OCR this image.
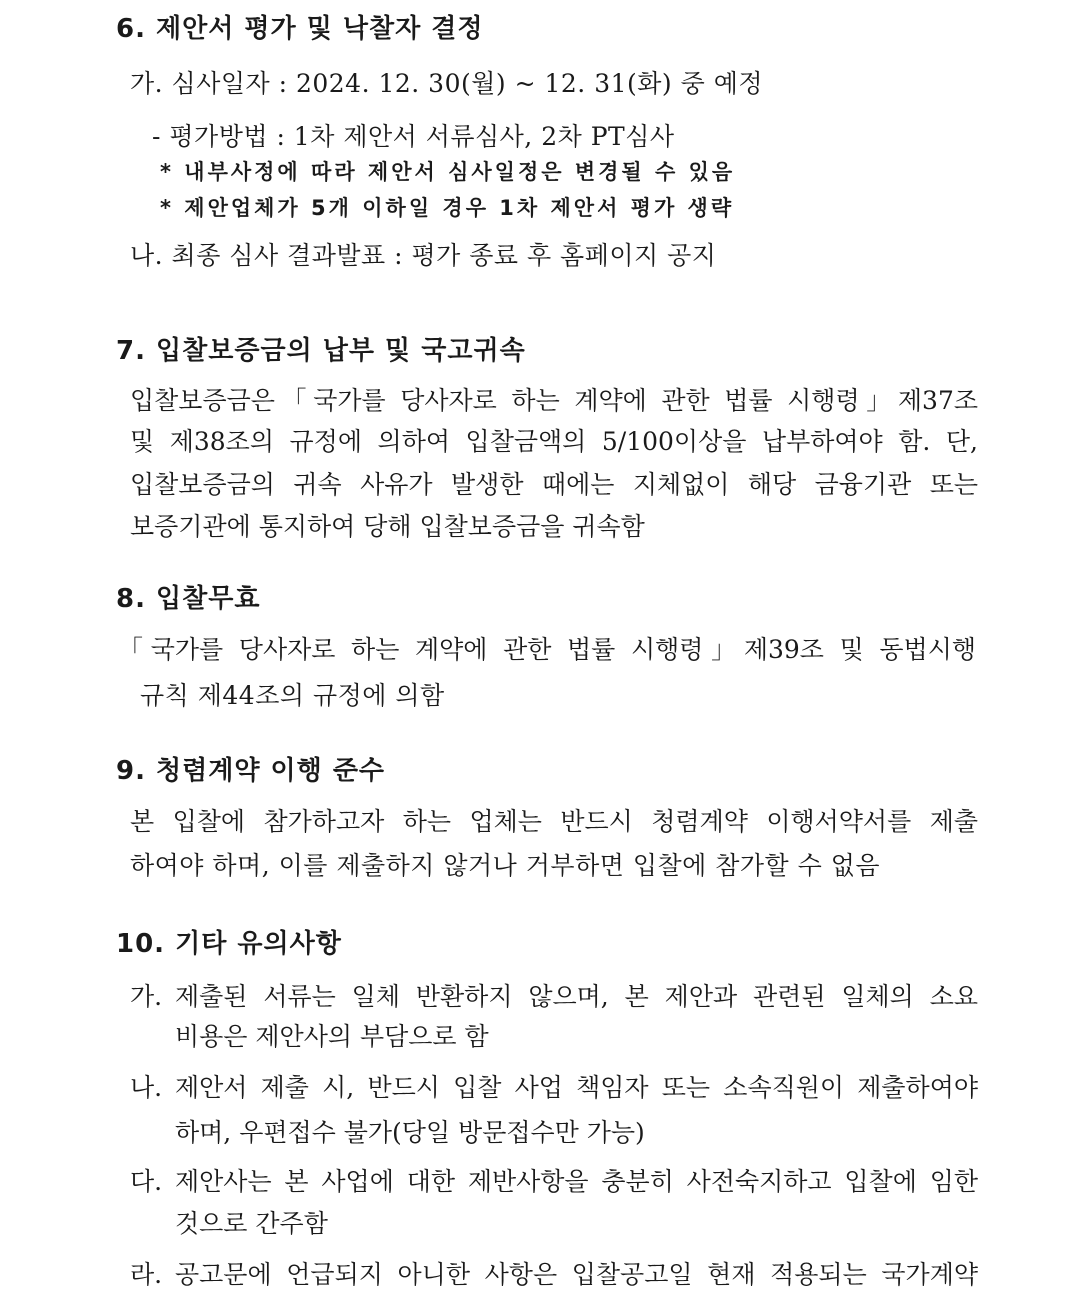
6. 제안서 평가 및 낙찰자 결정
가. 심사일자 : 2024. 12. 30(월) ~ 12. 31(화) 중 예정
- 평가방법 : 1차 제안서 서류심사, 2차 PT심사
* 내부사정에 따라 제안서 심사일정은 변경될 수 있음
* 제안업체가 5개 이하일 경우 1차 제안서 평가 생략
나. 최종 심사 결과발표 : 평가 종료 후 홈페이지 공지
7. 입찰보증금의 납부 및 국고귀속
입찰보증금은「국가를 당사자로 하는 계약에 관한 법률 시행령」제37조
및 제38조의 규정에 의하여 입찰금액의 5/100이상을 납부하여야 함. 단,
입찰보증금의 귀속 사유가 발생한 때에는 지체없이 해당 금융기관 또는
보증기관에 통지하여 당해 입찰보증금을 귀속함
8. 입찰무효
「국가를 당사자로 하는 계약에 관한 법률 시행령」제39조 및 동법시행
규칙 제44조의 규정에 의함
9. 청렴계약 이행 준수
본 입찰에 참가하고자 하는 업체는 반드시 청렴계약 이행서약서를 제출
하여야 하며, 이를 제출하지 않거나 거부하면 입찰에 참가할 수 없음
10. 기타 유의사항
가. 제출된 서류는 일체 반환하지 않으며, 본 제안과 관련된 일체의 소요
비용은 제안사의 부담으로 함
나. 제안서 제출 시, 반드시 입찰 사업 책임자 또는 소속직원이 제출하여야
하며, 우편접수 불가(당일 방문접수만 가능)
다. 제안사는 본 사업에 대한 제반사항을 충분히 사전숙지하고 입찰에 임한
것으로 간주함
라. 공고문에 언급되지 아니한 사항은 입찰공고일 현재 적용되는 국가계약
